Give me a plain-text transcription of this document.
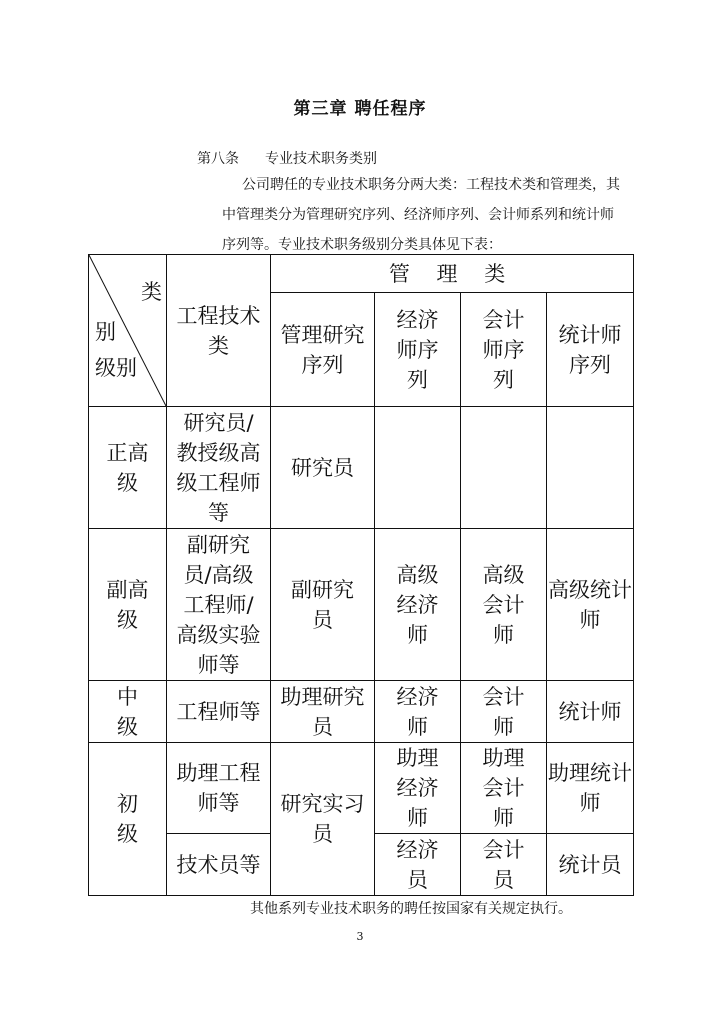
第三章 聘任程序
第八条 专业技术职务类别
公司聘任的专业技术职务分两大类：工程技术类和管理类，其中管理类分为管理研究序列、经济师序列、会计师系列和统计师序列等。专业技术职务级别分类具体见下表：
类
别
级别	工程技术类	管 理 类			

		管理研究序列	经济师序列	会计师序列	统计师序列

正高级	研究员/教授级高级工程师等	研究员			

副高级	副研究员/高级工程师/高级实验师等	副研究员	高级经济师	高级会计师	高级统计师

中级	工程师等	助理研究员	经济师	会计师	统计师

初级	助理工程师等	研究实习员	助理经济师	助理会计师	助理统计师

	技术员等		经济员	会计员	统计员
其他系列专业技术职务的聘任按国家有关规定执行。
3
